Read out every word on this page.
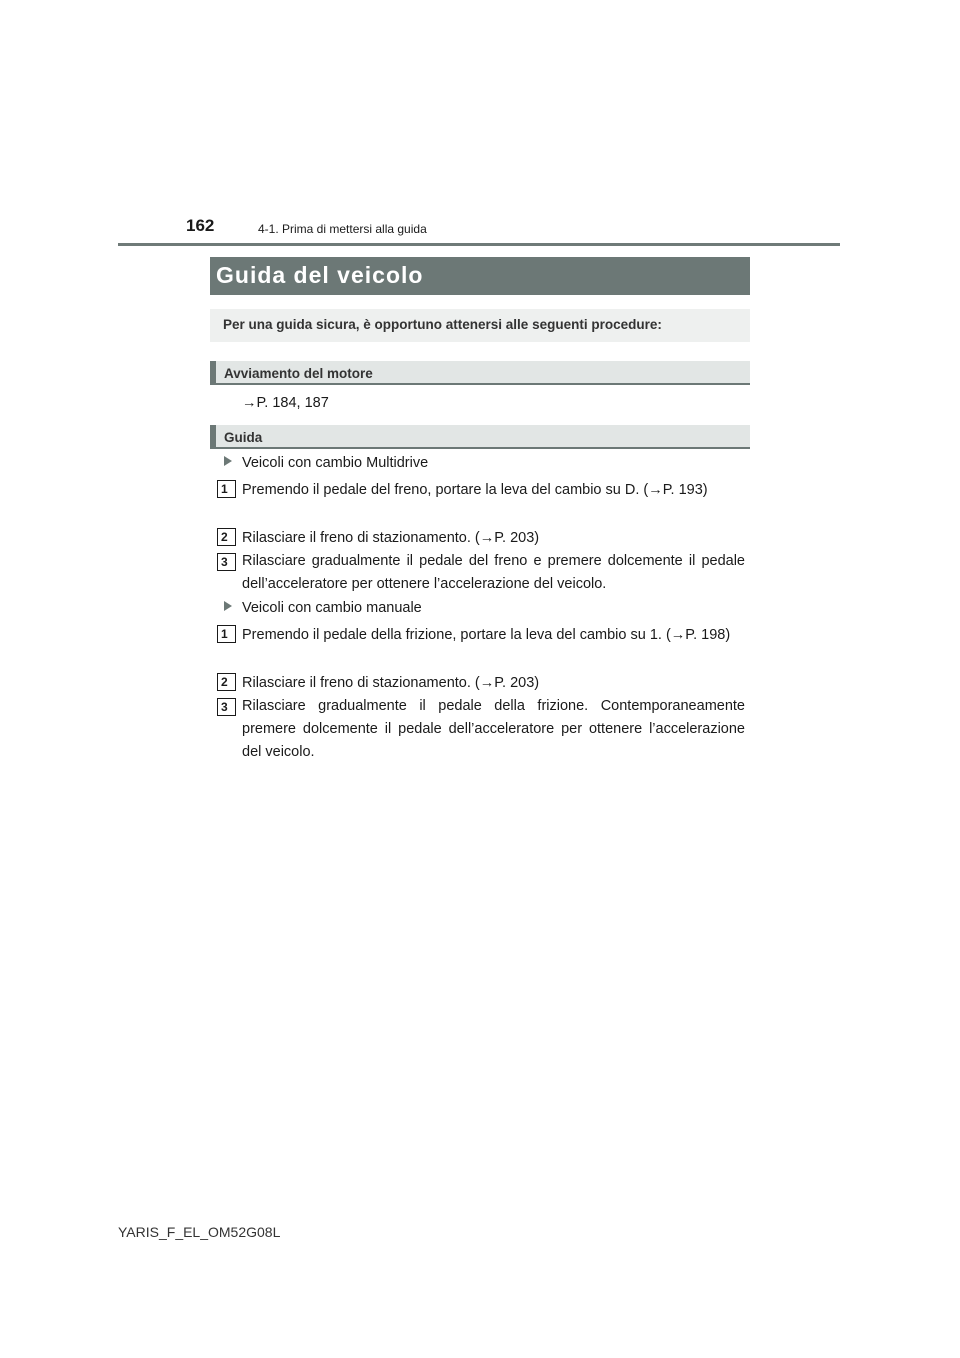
162	4-1. Prima di mettersi alla guida
Guida del veicolo
Per una guida sicura, è opportuno attenersi alle seguenti procedure:
Avviamento del motore
→P. 184, 187
Guida
Veicoli con cambio Multidrive
1 Premendo il pedale del freno, portare la leva del cambio su D. (→P. 193)
2 Rilasciare il freno di stazionamento. (→P. 203)
3 Rilasciare gradualmente il pedale del freno e premere dolcemente il pedale dell’acceleratore per ottenere l’accelerazione del veicolo.
Veicoli con cambio manuale
1 Premendo il pedale della frizione, portare la leva del cambio su 1. (→P. 198)
2 Rilasciare il freno di stazionamento. (→P. 203)
3 Rilasciare gradualmente il pedale della frizione. Contemporaneamente premere dolcemente il pedale dell’acceleratore per ottenere l’accelerazione del veicolo.
YARIS_F_EL_OM52G08L
